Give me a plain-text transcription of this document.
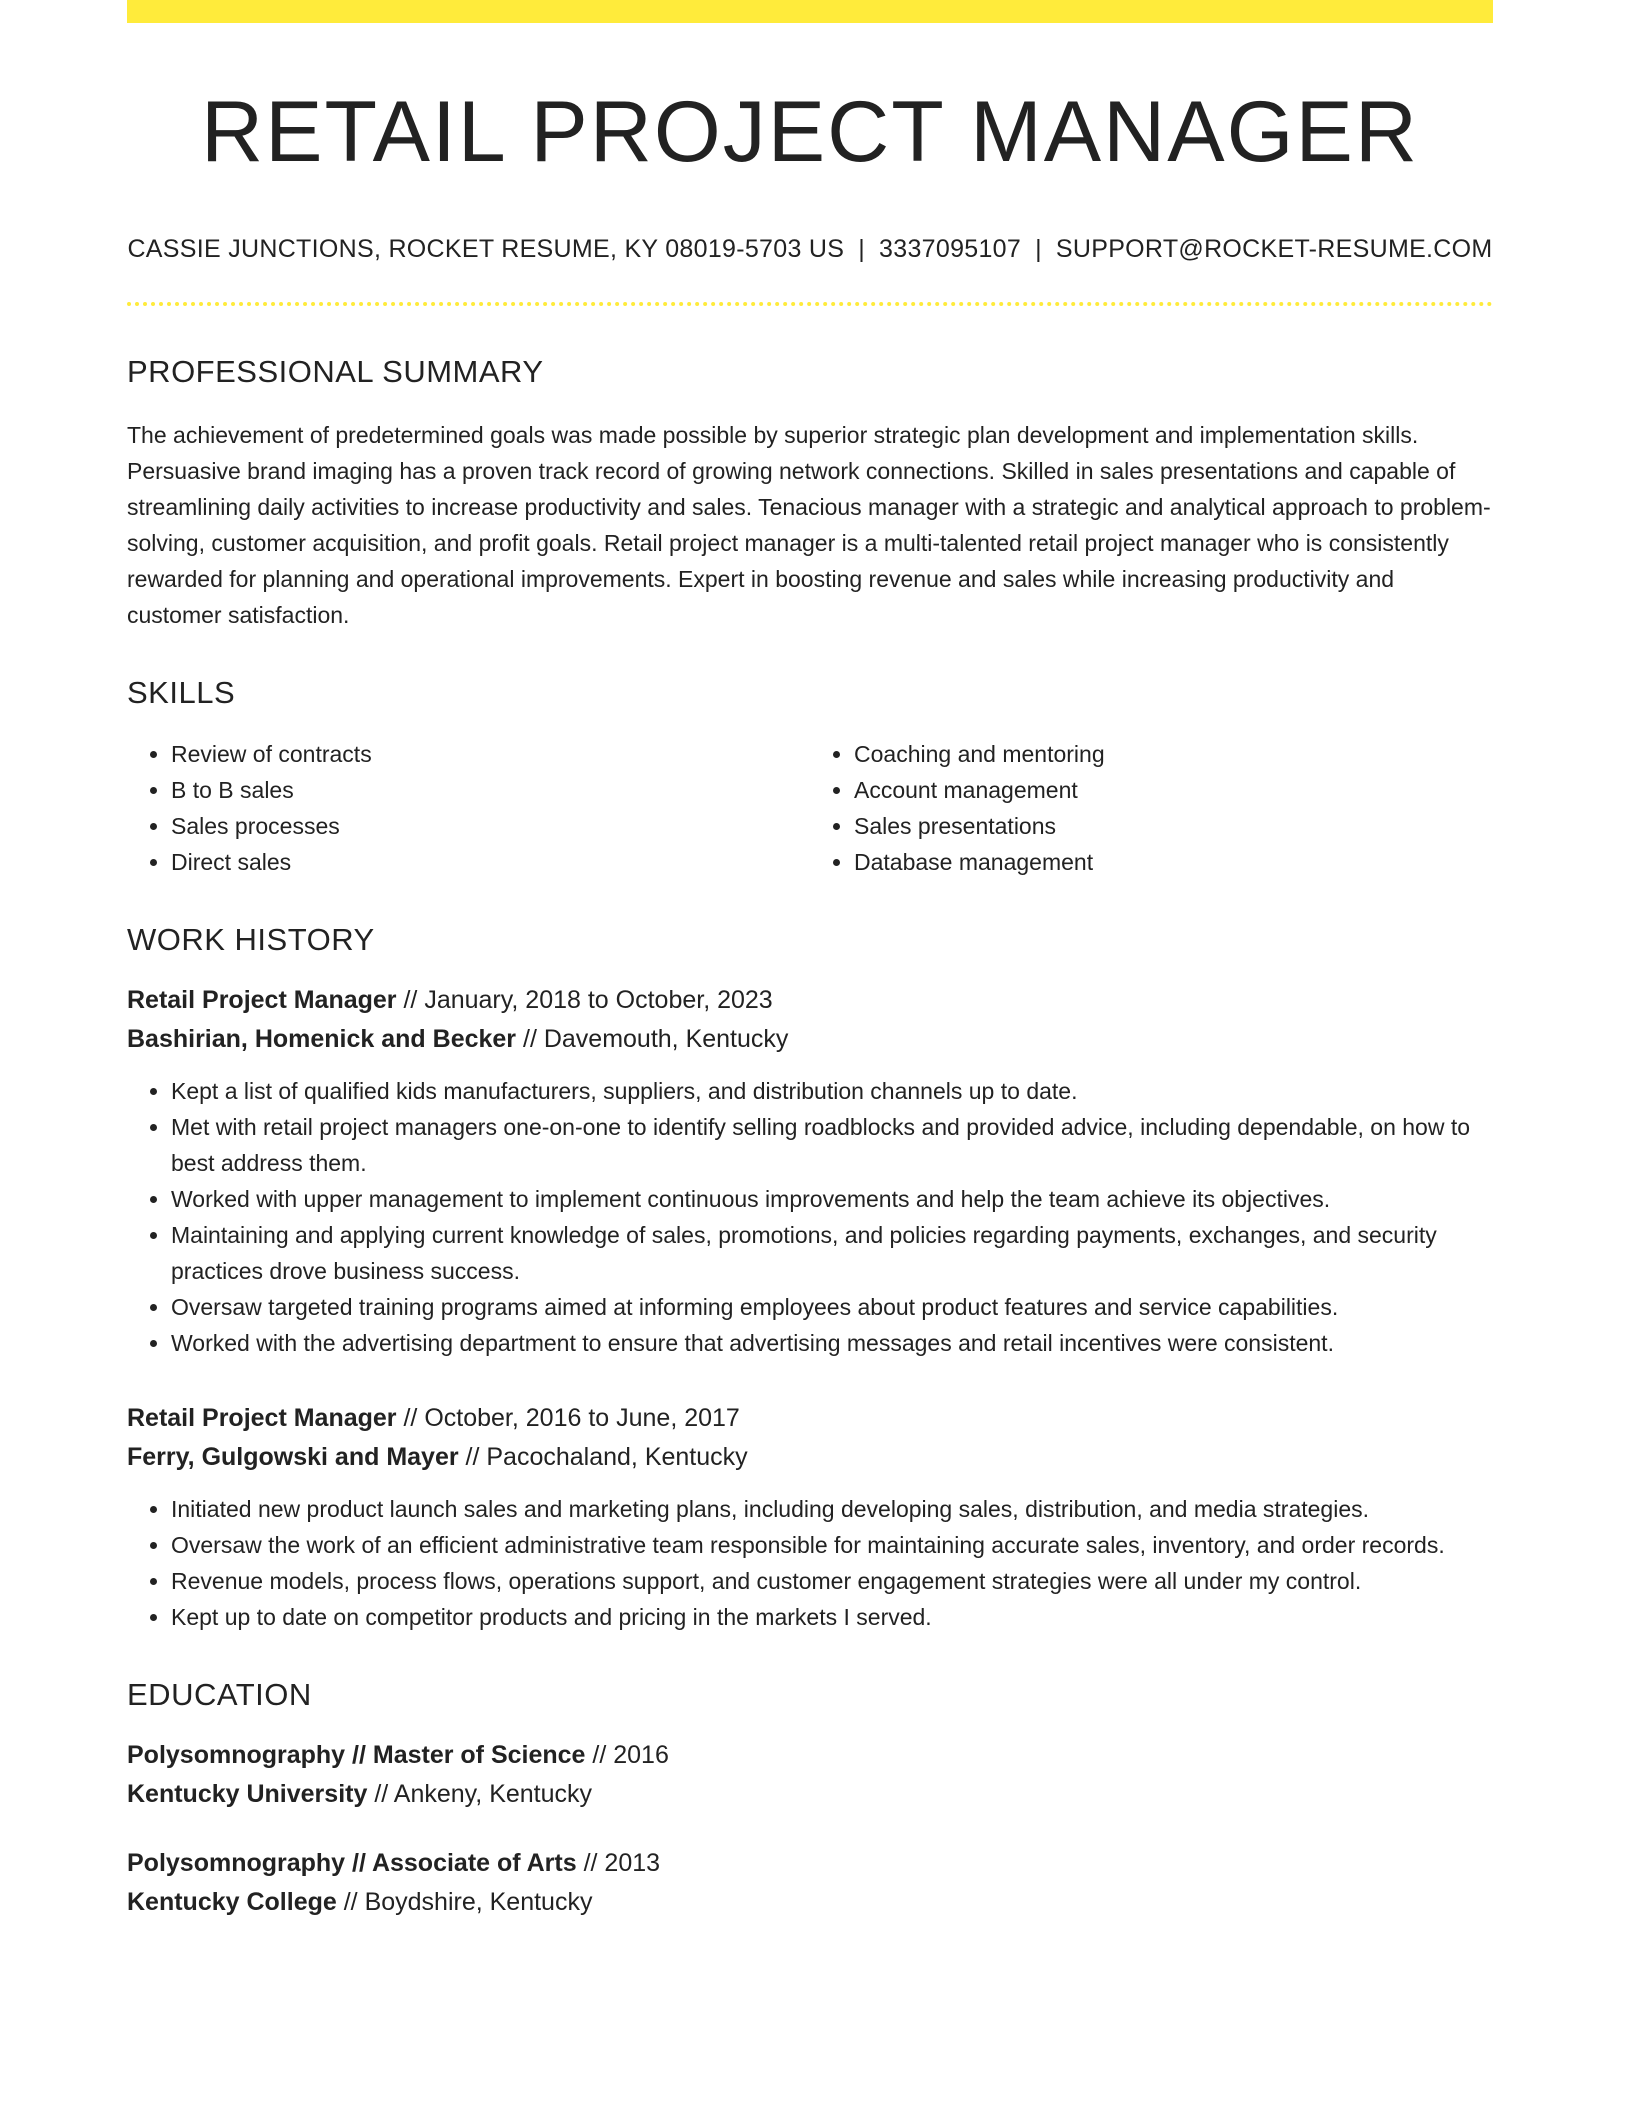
RETAIL PROJECT MANAGER
CASSIE JUNCTIONS, ROCKET RESUME, KY 08019-5703 US | 3337095107 | SUPPORT@ROCKET-RESUME.COM
PROFESSIONAL SUMMARY

The achievement of predetermined goals was made possible by superior strategic plan development and implementation skills. Persuasive brand imaging has a proven track record of growing network connections. Skilled in sales presentations and capable of streamlining daily activities to increase productivity and sales. Tenacious manager with a strategic and analytical approach to problem-solving, customer acquisition, and profit goals. Retail project manager is a multi-talented retail project manager who is consistently rewarded for planning and operational improvements. Expert in boosting revenue and sales while increasing productivity and customer satisfaction.

SKILLS
• Review of contracts
• B to B sales
• Sales processes
• Direct sales
• Coaching and mentoring
• Account management
• Sales presentations
• Database management
WORK HISTORY
Retail Project Manager // January, 2018 to October, 2023
Bashirian, Homenick and Becker // Davemouth, Kentucky
• Kept a list of qualified kids manufacturers, suppliers, and distribution channels up to date.
• Met with retail project managers one-on-one to identify selling roadblocks and provided advice, including dependable, on how to best address them.
• Worked with upper management to implement continuous improvements and help the team achieve its objectives.
• Maintaining and applying current knowledge of sales, promotions, and policies regarding payments, exchanges, and security practices drove business success.
• Oversaw targeted training programs aimed at informing employees about product features and service capabilities.
• Worked with the advertising department to ensure that advertising messages and retail incentives were consistent.
Retail Project Manager // October, 2016 to June, 2017
Ferry, Gulgowski and Mayer // Pacochaland, Kentucky
• Initiated new product launch sales and marketing plans, including developing sales, distribution, and media strategies.
• Oversaw the work of an efficient administrative team responsible for maintaining accurate sales, inventory, and order records.
• Revenue models, process flows, operations support, and customer engagement strategies were all under my control.
• Kept up to date on competitor products and pricing in the markets I served.
EDUCATION
Polysomnography // Master of Science // 2016
Kentucky University // Ankeny, Kentucky
Polysomnography // Associate of Arts // 2013
Kentucky College // Boydshire, Kentucky
